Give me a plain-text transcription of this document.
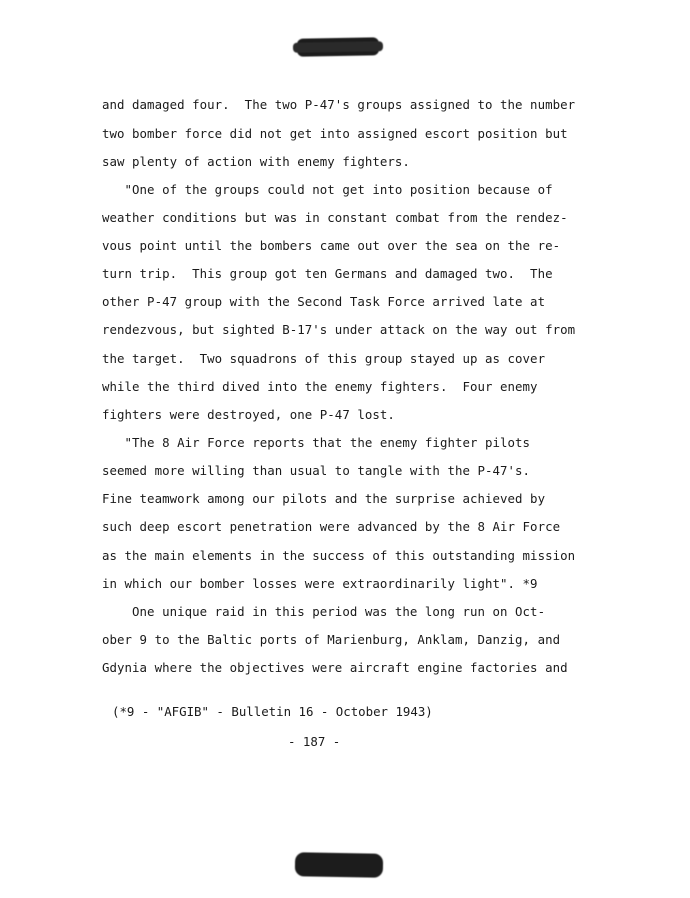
and damaged four.  The two P-47's groups assigned to the number
two bomber force did not get into assigned escort position but
saw plenty of action with enemy fighters.
"One of the groups could not get into position because of
weather conditions but was in constant combat from the rendez-
vous point until the bombers came out over the sea on the re-
turn trip.  This group got ten Germans and damaged two.  The
other P-47 group with the Second Task Force arrived late at
rendezvous, but sighted B-17's under attack on the way out from
the target.  Two squadrons of this group stayed up as cover
while the third dived into the enemy fighters.  Four enemy
fighters were destroyed, one P-47 lost.
"The 8 Air Force reports that the enemy fighter pilots
seemed more willing than usual to tangle with the P-47's.
Fine teamwork among our pilots and the surprise achieved by
such deep escort penetration were advanced by the 8 Air Force
as the main elements in the success of this outstanding mission
in which our bomber losses were extraordinarily light". *9
One unique raid in this period was the long run on Oct-
ober 9 to the Baltic ports of Marienburg, Anklam, Danzig, and
Gdynia where the objectives were aircraft engine factories and
(*9 - "AFGIB" - Bulletin 16 - October 1943)
- 187 -
